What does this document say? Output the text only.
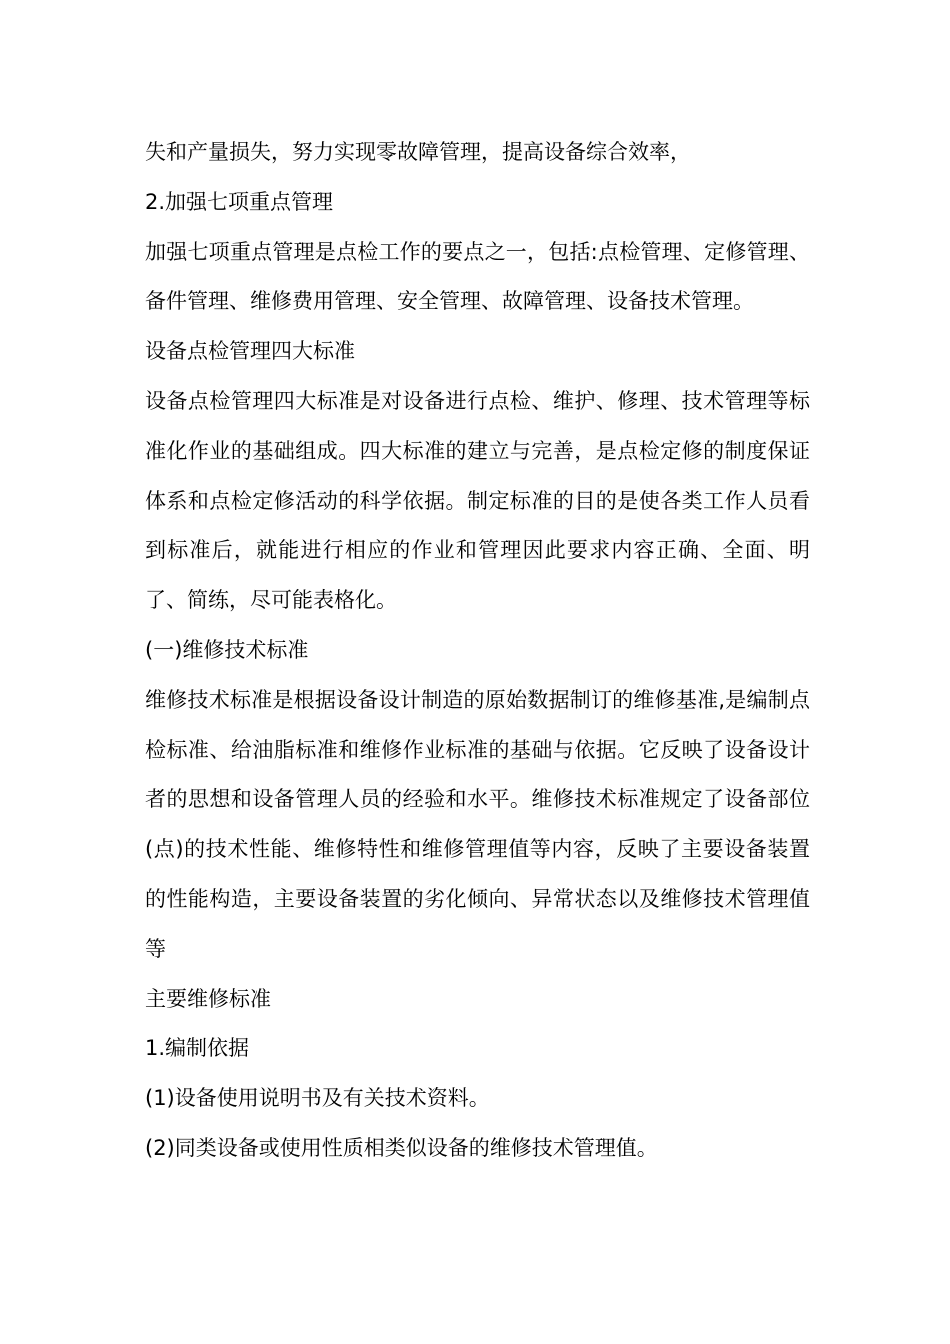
失和产量损失，努力实现零故障管理，提高设备综合效率，

2.加强七项重点管理

加强七项重点管理是点检工作的要点之一，包括:点检管理、定修管理、备件管理、维修费用管理、安全管理、故障管理、设备技术管理。

设备点检管理四大标准

设备点检管理四大标准是对设备进行点检、维护、修理、技术管理等标准化作业的基础组成。四大标准的建立与完善，是点检定修的制度保证体系和点检定修活动的科学依据。制定标准的目的是使各类工作人员看到标准后，就能进行相应的作业和管理因此要求内容正确、全面、明了、简练，尽可能表格化。

(一)维修技术标准

维修技术标准是根据设备设计制造的原始数据制订的维修基准,是编制点检标准、给油脂标准和维修作业标准的基础与依据。它反映了设备设计者的思想和设备管理人员的经验和水平。维修技术标准规定了设备部位(点)的技术性能、维修特性和维修管理值等内容，反映了主要设备装置的性能构造，主要设备装置的劣化倾向、异常状态以及维修技术管理值等

主要维修标准

1.编制依据

(1)设备使用说明书及有关技术资料。

(2)同类设备或使用性质相类似设备的维修技术管理值。
